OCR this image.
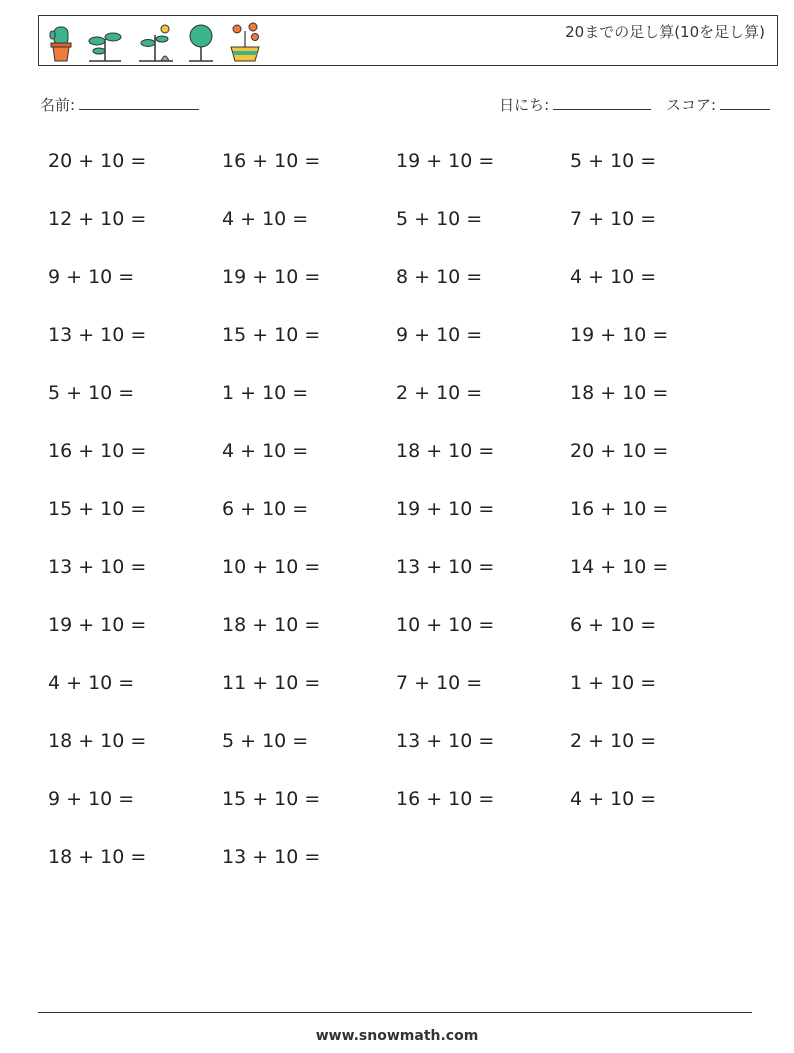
20までの足し算(10を足し算)
名前:	日にち:	スコア:
20 + 10 =	16 + 10 =	19 + 10 =	5 + 10 =
12 + 10 =	4 + 10 =	5 + 10 =	7 + 10 =
9 + 10 =	19 + 10 =	8 + 10 =	4 + 10 =
13 + 10 =	15 + 10 =	9 + 10 =	19 + 10 =
5 + 10 =	1 + 10 =	2 + 10 =	18 + 10 =
16 + 10 =	4 + 10 =	18 + 10 =	20 + 10 =
15 + 10 =	6 + 10 =	19 + 10 =	16 + 10 =
13 + 10 =	10 + 10 =	13 + 10 =	14 + 10 =
19 + 10 =	18 + 10 =	10 + 10 =	6 + 10 =
4 + 10 =	11 + 10 =	7 + 10 =	1 + 10 =
18 + 10 =	5 + 10 =	13 + 10 =	2 + 10 =
9 + 10 =	15 + 10 =	16 + 10 =	4 + 10 =
18 + 10 =	13 + 10 =
www.snowmath.com
